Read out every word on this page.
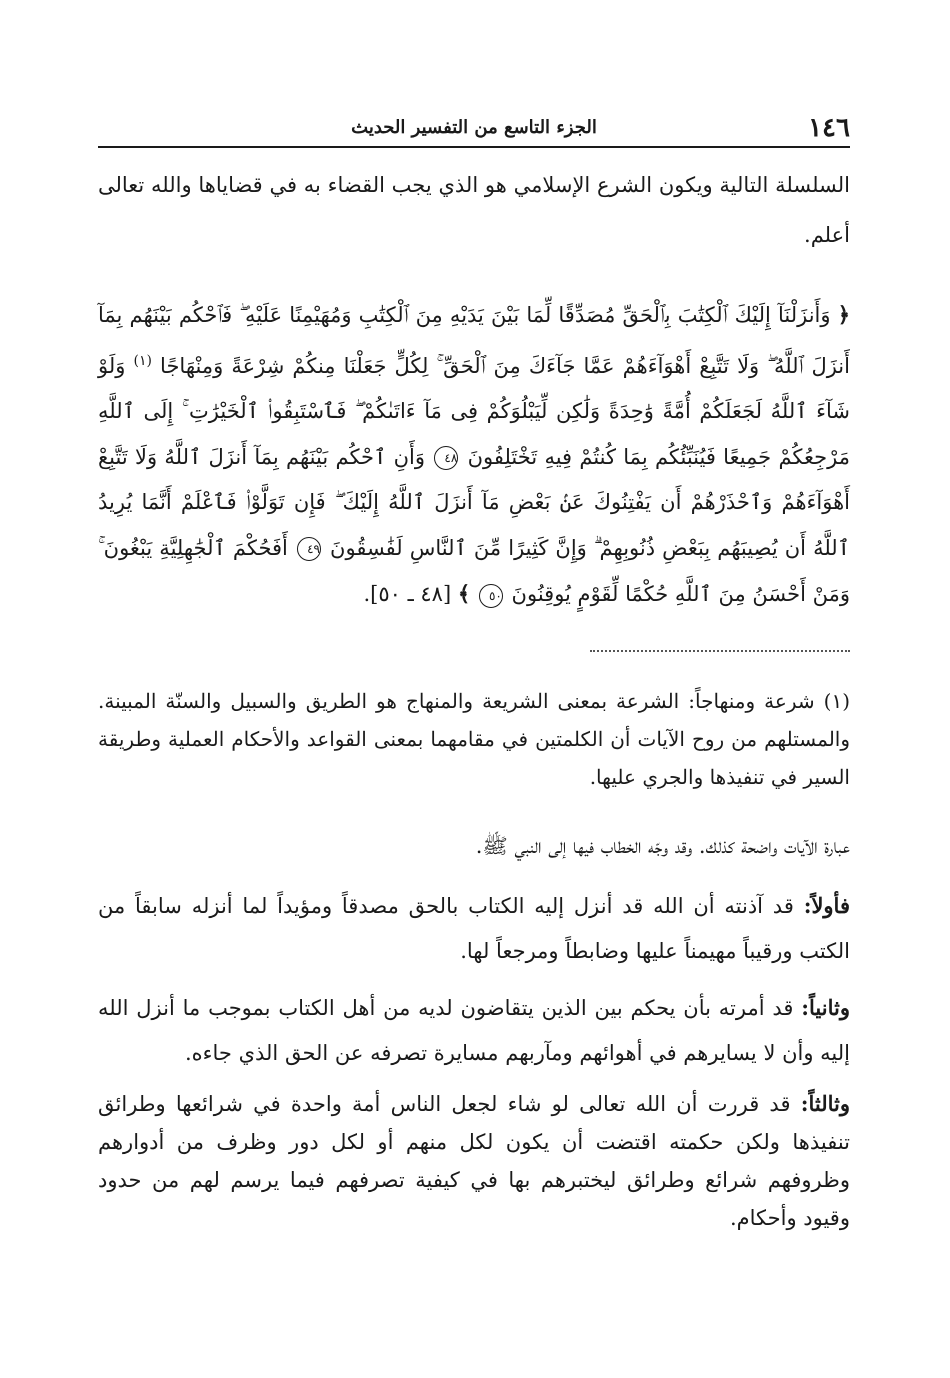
١٤٦
الجزء التاسع من التفسير الحديث

السلسلة التالية ويكون الشرع الإسلامي هو الذي يجب القضاء به في قضاياها والله تعالى أعلم.

﴿ وَأَنزَلْنَآ إِلَيْكَ ٱلْكِتَٰبَ بِٱلْحَقِّ مُصَدِّقًا لِّمَا بَيْنَ يَدَيْهِ مِنَ ٱلْكِتَٰبِ وَمُهَيْمِنًا عَلَيْهِ ۖ فَٱحْكُم بَيْنَهُم بِمَآ أَنزَلَ ٱللَّهُ ۖ وَلَا تَتَّبِعْ أَهْوَآءَهُمْ عَمَّا جَآءَكَ مِنَ ٱلْحَقِّ ۚ لِكُلٍّ جَعَلْنَا مِنكُمْ شِرْعَةً وَمِنْهَاجًا $^{(١)}$ وَلَوْ شَآءَ ٱللَّهُ لَجَعَلَكُمْ أُمَّةً وَٰحِدَةً وَلَٰكِن لِّيَبْلُوَكُمْ فِى مَآ ءَاتَىٰكُمْ ۖ فَٱسْتَبِقُوا۟ ٱلْخَيْرَٰتِ ۚ إِلَى ٱللَّهِ مَرْجِعُكُمْ جَمِيعًا فَيُنَبِّئُكُم بِمَا كُنتُمْ فِيهِ تَخْتَلِفُونَ ٤٨ وَأَنِ ٱحْكُم بَيْنَهُم بِمَآ أَنزَلَ ٱللَّهُ وَلَا تَتَّبِعْ أَهْوَآءَهُمْ وَٱحْذَرْهُمْ أَن يَفْتِنُوكَ عَنۢ بَعْضِ مَآ أَنزَلَ ٱللَّهُ إِلَيْكَ ۖ فَإِن تَوَلَّوْا۟ فَٱعْلَمْ أَنَّمَا يُرِيدُ ٱللَّهُ أَن يُصِيبَهُم بِبَعْضِ ذُنُوبِهِمْ ۗ وَإِنَّ كَثِيرًا مِّنَ ٱلنَّاسِ لَفَٰسِقُونَ ٤٩ أَفَحُكْمَ ٱلْجَٰهِلِيَّةِ يَبْغُونَ ۚ وَمَنْ أَحْسَنُ مِنَ ٱللَّهِ حُكْمًا لِّقَوْمٍ يُوقِنُونَ ٥٠ ﴾ [٤٨ ـ ٥٠].

(١) شرعة ومنهاجاً: الشرعة بمعنى الشريعة والمنهاج هو الطريق والسبيل والسنّة المبينة. والمستلهم من روح الآيات أن الكلمتين في مقامهما بمعنى القواعد والأحكام العملية وطريقة السير في تنفيذها والجري عليها.

عبارة الآيات واضحة كذلك. وقد وجّه الخطاب فيها إلى النبي ﷺ.

فأولاً: قد آذنته أن الله قد أنزل إليه الكتاب بالحق مصدقاً ومؤيداً لما أنزله سابقاً من الكتب ورقيباً مهيمناً عليها وضابطاً ومرجعاً لها.

وثانياً: قد أمرته بأن يحكم بين الذين يتقاضون لديه من أهل الكتاب بموجب ما أنزل الله إليه وأن لا يسايرهم في أهوائهم ومآربهم مسايرة تصرفه عن الحق الذي جاءه.

وثالثاً: قد قررت أن الله تعالى لو شاء لجعل الناس أمة واحدة في شرائعها وطرائق تنفيذها ولكن حكمته اقتضت أن يكون لكل منهم أو لكل دور وظرف من أدوارهم وظروفهم شرائع وطرائق ليختبرهم بها في كيفية تصرفهم فيما يرسم لهم من حدود وقيود وأحكام.
